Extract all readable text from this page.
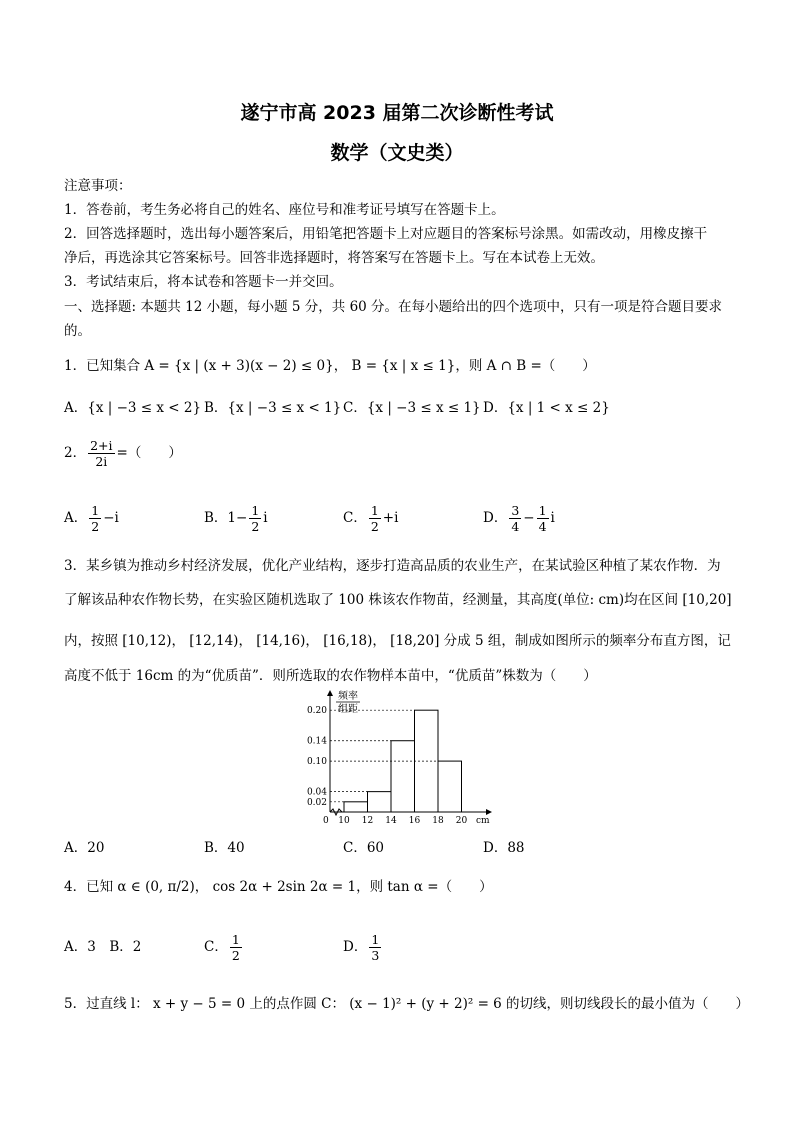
遂宁市高 2023 届第二次诊断性考试
数学（文史类）
注意事项：
1．答卷前，考生务必将自己的姓名、座位号和准考证号填写在答题卡上。
2．回答选择题时，选出每小题答案后，用铅笔把答题卡上对应题目的答案标号涂黑。如需改动，用橡皮擦干
净后，再选涂其它答案标号。回答非选择题时，将答案写在答题卡上。写在本试卷上无效。
3．考试结束后，将本试卷和答题卡一并交回。
一、选择题: 本题共 12 小题，每小题 5 分，共 60 分。在每小题给出的四个选项中，只有一项是符合题目要求
的。
1．已知集合 A = {x | (x + 3)(x − 2) ≤ 0}， B = {x | x ≤ 1}，则 A ∩ B =（　　）
A．{x | −3 ≤ x < 2} B．{x | −3 ≤ x < 1} C．{x | −3 ≤ x ≤ 1} D．{x | 1 < x ≤ 2}
2． $\frac{2+i}{2i}$ =（　　）
A． $\frac{1}{2} -i$	B．$1- \frac{1}{2}$ i	C． $\frac{1}{2} +i$	D． $\frac{3}{4} - \frac{1}{4}$ i
3．某乡镇为推动乡村经济发展，优化产业结构，逐步打造高品质的农业生产，在某试验区种植了某农作物．为
了解该品种农作物长势，在实验区随机选取了 100 株该农作物苗，经测量，其高度(单位: cm)均在区间 [10,20]
内，按照 [10,12)， [12,14)， [14,16)， [16,18)， [18,20] 分成 5 组，制成如图所示的频率分布直方图，记
高度不低于 16cm 的为“优质苗”．则所选取的农作物样本苗中，“优质苗”株数为（　　）
频率
组距
cm
0 10 12 14 16 18 20
0.02
0.04
0.10
0.14
0.20
A．20	B．40	C．60	D．88
4．已知 α ∈ (0, π/2)， cos 2α + 2sin 2α = 1，则 tan α =（　　）
A．3　B．2	C． $\frac{1}{2}$	D． $\frac{1}{3}$
5．过直线 l： x + y − 5 = 0 上的点作圆 C： (x − 1)² + (y + 2)² = 6 的切线，则切线段长的最小值为（　　）
